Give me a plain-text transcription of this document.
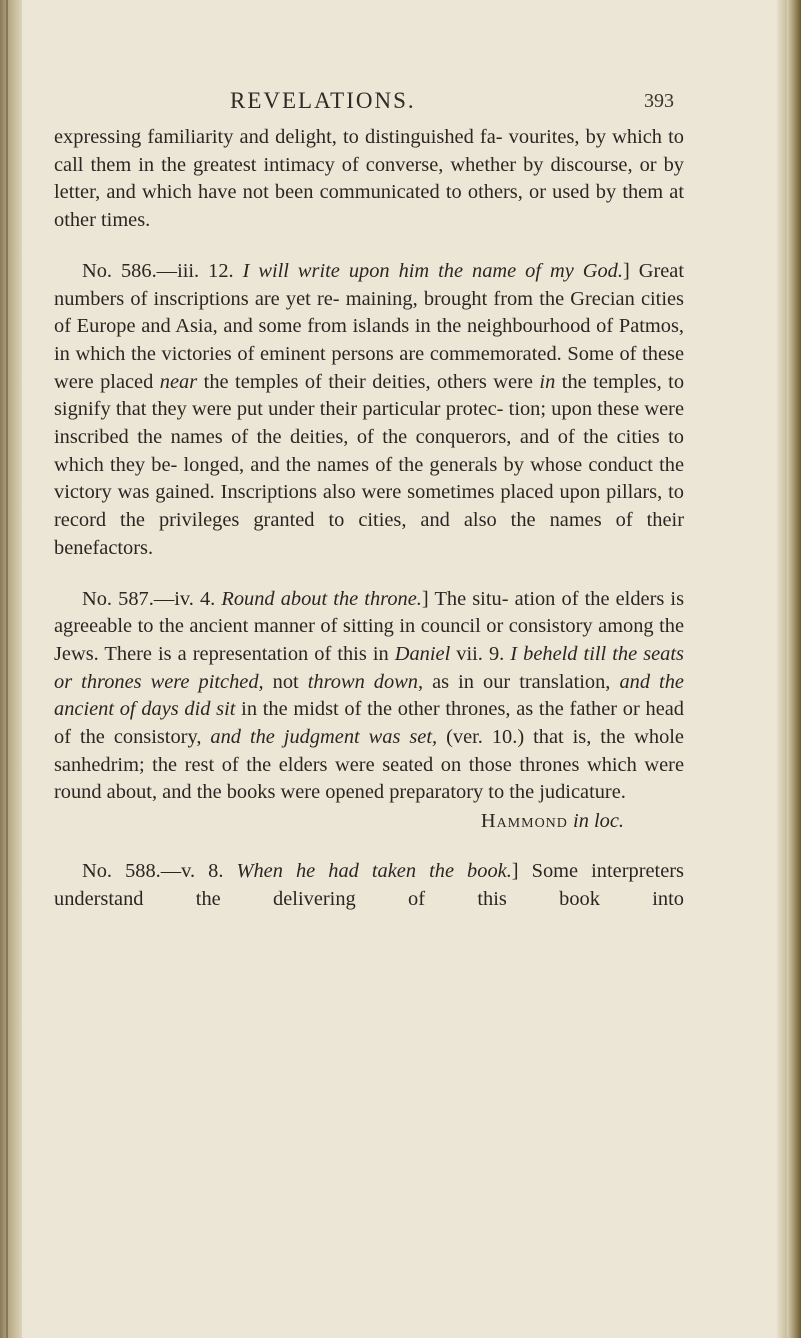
REVELATIONS.	393

expressing familiarity and delight, to distinguished fa- vourites, by which to call them in the greatest intimacy of converse, whether by discourse, or by letter, and which have not been communicated to others, or used by them at other times.

No. 586.—iii. 12. I will write upon him the name of my God.] Great numbers of inscriptions are yet re- maining, brought from the Grecian cities of Europe and Asia, and some from islands in the neighbourhood of Patmos, in which the victories of eminent persons are commemorated. Some of these were placed near the temples of their deities, others were in the temples, to signify that they were put under their particular protec- tion; upon these were inscribed the names of the deities, of the conquerors, and of the cities to which they be- longed, and the names of the generals by whose conduct the victory was gained. Inscriptions also were sometimes placed upon pillars, to record the privileges granted to cities, and also the names of their benefactors.

No. 587.—iv. 4. Round about the throne.] The situ- ation of the elders is agreeable to the ancient manner of sitting in council or consistory among the Jews. There is a representation of this in Daniel vii. 9. I beheld till the seats or thrones were pitched, not thrown down, as in our translation, and the ancient of days did sit in the midst of the other thrones, as the father or head of the consistory, and the judgment was set, (ver. 10.) that is, the whole sanhedrim; the rest of the elders were seated on those thrones which were round about, and the books were opened preparatory to the judicature.

Hammond in loc.

No. 588.—v. 8. When he had taken the book.] Some interpreters understand the delivering of this book into
